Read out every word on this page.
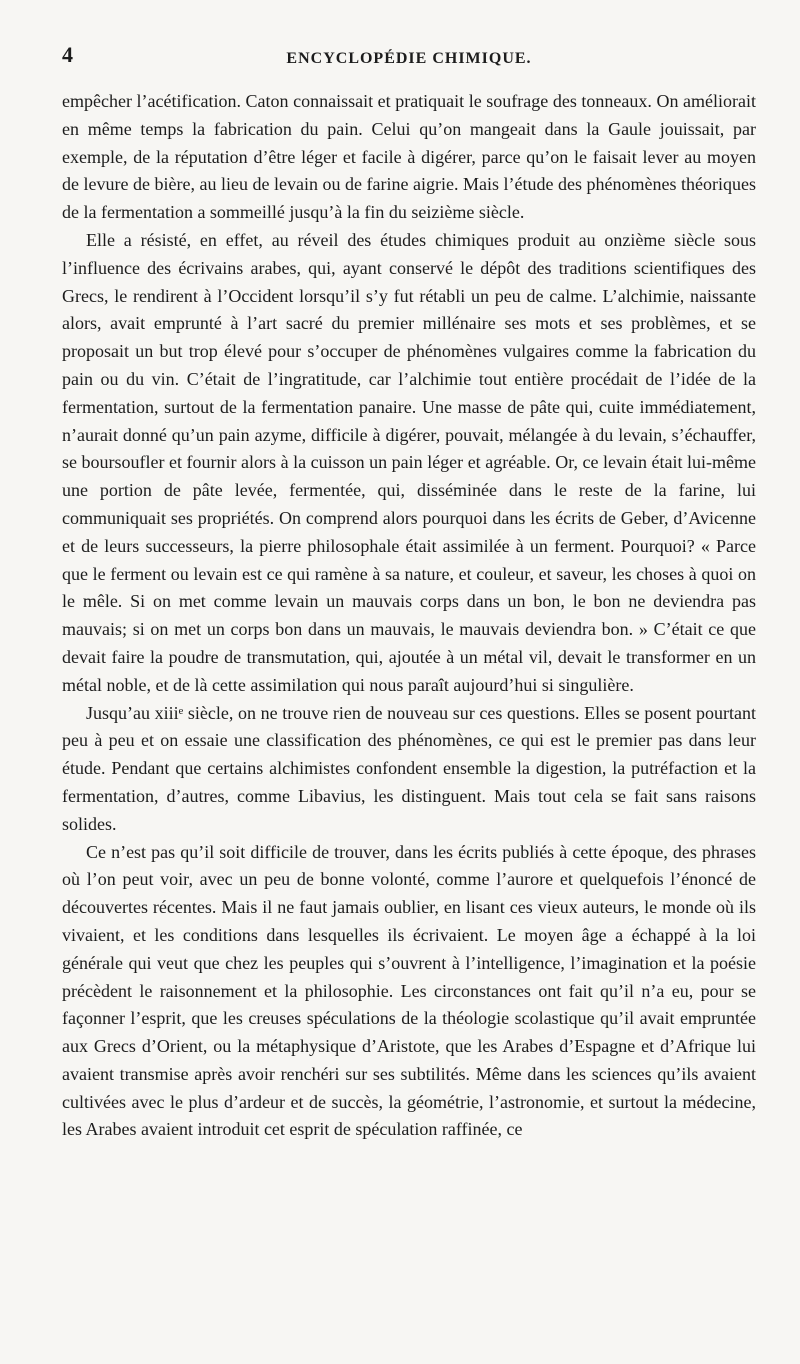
4	ENCYCLOPÉDIE CHIMIQUE.

empêcher l’acétification. Caton connaissait et pratiquait le soufrage des tonneaux. On améliorait en même temps la fabrication du pain. Celui qu’on mangeait dans la Gaule jouissait, par exemple, de la réputation d’être léger et facile à digérer, parce qu’on le faisait lever au moyen de levure de bière, au lieu de levain ou de farine aigrie. Mais l’étude des phénomènes théoriques de la fermentation a sommeillé jusqu’à la fin du seizième siècle.

Elle a résisté, en effet, au réveil des études chimiques produit au onzième siècle sous l’influence des écrivains arabes, qui, ayant conservé le dépôt des traditions scientifiques des Grecs, le rendirent à l’Occident lorsqu’il s’y fut rétabli un peu de calme. L’alchimie, naissante alors, avait emprunté à l’art sacré du premier millénaire ses mots et ses problèmes, et se proposait un but trop élevé pour s’occuper de phénomènes vulgaires comme la fabrication du pain ou du vin. C’était de l’ingratitude, car l’alchimie tout entière procédait de l’idée de la fermentation, surtout de la fermentation panaire. Une masse de pâte qui, cuite immédiatement, n’aurait donné qu’un pain azyme, difficile à digérer, pouvait, mélangée à du levain, s’échauffer, se boursoufler et fournir alors à la cuisson un pain léger et agréable. Or, ce levain était lui-même une portion de pâte levée, fermentée, qui, disséminée dans le reste de la farine, lui communiquait ses propriétés. On comprend alors pourquoi dans les écrits de Geber, d’Avicenne et de leurs successeurs, la pierre philosophale était assimilée à un ferment. Pourquoi? « Parce que le ferment ou levain est ce qui ramène à sa nature, et couleur, et saveur, les choses à quoi on le mêle. Si on met comme levain un mauvais corps dans un bon, le bon ne deviendra pas mauvais; si on met un corps bon dans un mauvais, le mauvais deviendra bon. » C’était ce que devait faire la poudre de transmutation, qui, ajoutée à un métal vil, devait le transformer en un métal noble, et de là cette assimilation qui nous paraît aujourd’hui si singulière.

Jusqu’au xiiiᵉ siècle, on ne trouve rien de nouveau sur ces questions. Elles se posent pourtant peu à peu et on essaie une classification des phénomènes, ce qui est le premier pas dans leur étude. Pendant que certains alchimistes confondent ensemble la digestion, la putréfaction et la fermentation, d’autres, comme Libavius, les distinguent. Mais tout cela se fait sans raisons solides.

Ce n’est pas qu’il soit difficile de trouver, dans les écrits publiés à cette époque, des phrases où l’on peut voir, avec un peu de bonne volonté, comme l’aurore et quelquefois l’énoncé de découvertes récentes. Mais il ne faut jamais oublier, en lisant ces vieux auteurs, le monde où ils vivaient, et les conditions dans lesquelles ils écrivaient. Le moyen âge a échappé à la loi générale qui veut que chez les peuples qui s’ouvrent à l’intelligence, l’imagination et la poésie précèdent le raisonnement et la philosophie. Les circonstances ont fait qu’il n’a eu, pour se façonner l’esprit, que les creuses spéculations de la théologie scolastique qu’il avait empruntée aux Grecs d’Orient, ou la métaphysique d’Aristote, que les Arabes d’Espagne et d’Afrique lui avaient transmise après avoir renchéri sur ses subtilités. Même dans les sciences qu’ils avaient cultivées avec le plus d’ardeur et de succès, la géométrie, l’astronomie, et surtout la médecine, les Arabes avaient introduit cet esprit de spéculation raffinée, ce
